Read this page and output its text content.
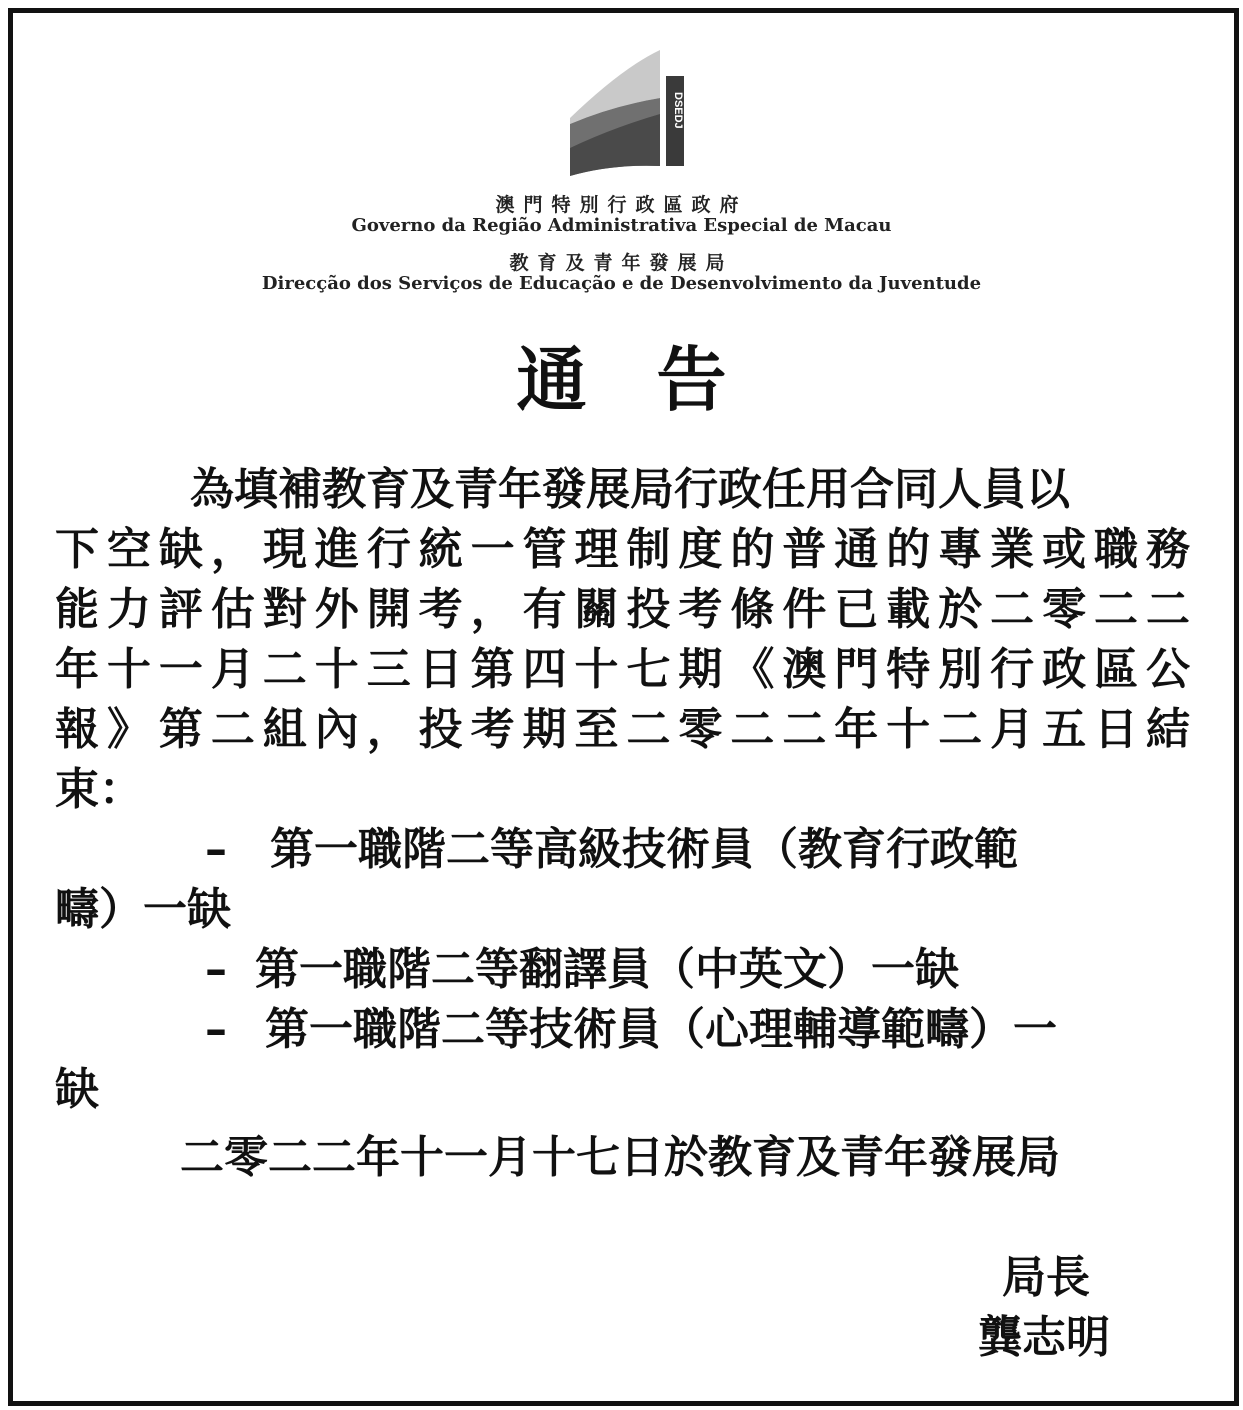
DSEDJ
澳門特別行政區政府
Governo da Região Administrativa Especial de Macau
教育及青年發展局
Direcção dos Serviços de Educação e de Desenvolvimento da Juventude
通告
為填補教育及青年發展局行政任用合同人員以
下空缺，現進行統一管理制度的普通的專業或職務
能力評估對外開考，有關投考條件已載於二零二二
年十一月二十三日第四十七期《澳門特別行政區公
報》第二組內，投考期至二零二二年十二月五日結
束：
– 第一職階二等高級技術員（教育行政範
疇）一缺
– 第一職階二等翻譯員（中英文）一缺
– 第一職階二等技術員（心理輔導範疇）一
缺
二零二二年十一月十七日於教育及青年發展局
局長
龔志明
